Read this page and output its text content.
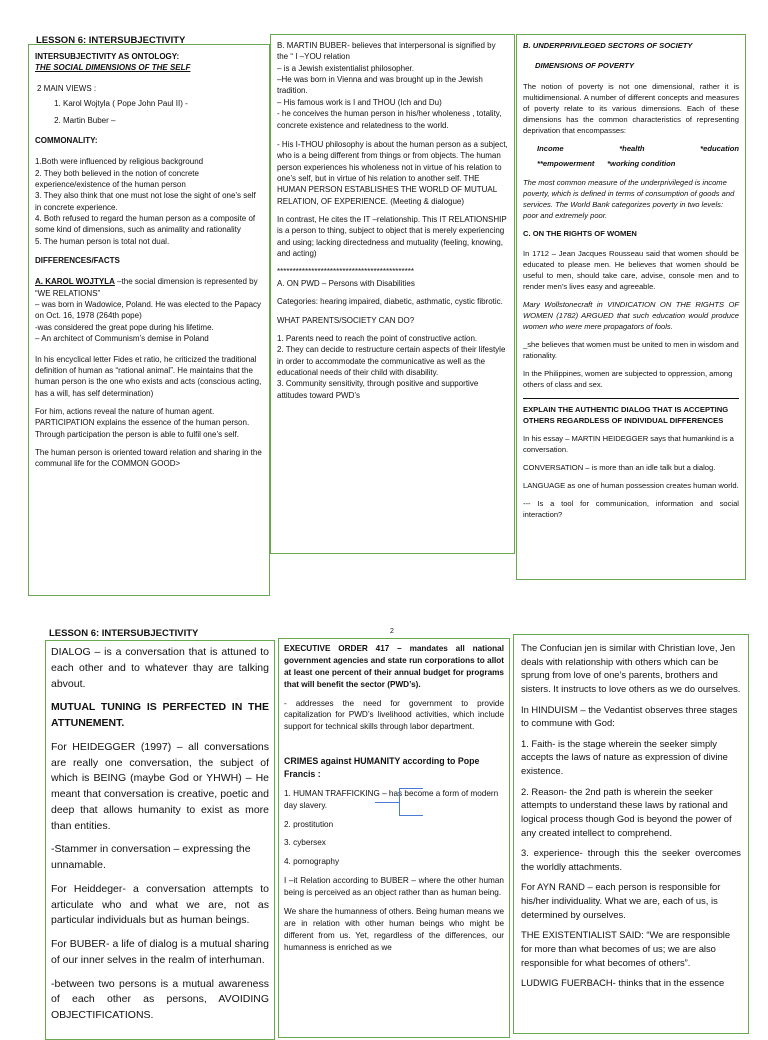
LESSON 6: INTERSUBJECTIVITY
INTERSUBJECTIVITY AS ONTOLOGY:
THE SOCIAL DIMENSIONS OF THE SELF
2 MAIN VIEWS :
1. Karol Wojtyla ( Pope John Paul II) -
2. Martin Buber –

COMMONALITY:

1.Both were influenced by religious background
2. They both believed in the notion of concrete experience/existence of the human person
3. They also think that one must not lose the sight of one’s self in concrete experience.
4. Both refused to regard the human person as a composite of some kind of dimensions, such as animality and rationality
5. The human person is total not dual.

DIFFERENCES/FACTS

A. KAROL WOJTYLA –the social dimension is represented by “WE RELATIONS”
– was born in Wadowice, Poland. He was elected to the Papacy on Oct. 16, 1978 (264th pope)
-was considered the great pope during his lifetime.
– An architect of Communism’s demise in Poland

In his encyclical letter Fides et ratio, he criticized the traditional definition of human as “rational animal”. He maintains that the human person is the one who exists and acts (conscious acting, has a will, has self determination)

For him, actions reveal the nature of human agent. PARTICIPATION explains the essence of the human person. Through participation the person is able to fulfil one’s self.

The human person is oriented toward relation and sharing in the communal life for the COMMON GOOD>

B. MARTIN BUBER- believes that interpersonal is signified by the “ I –YOU relation
– is a Jewish existentialist philosopher.
–He was born in Vienna and was brought up in the Jewish tradition.
– His famous work is I and THOU (Ich and Du)
- he conceives the human person in his/her wholeness , totality, concrete existence and relatedness to the world.

- His I-THOU philosophy is about the human person as a subject, who is a being different from things or from objects. The human person experiences his wholeness not in virtue of his relation to one’s self, but in virtue of his relation to another self. THE HUMAN PERSON ESTABLISHES THE WORLD OF MUTUAL RELATION, OF EXPERIENCE. (Meeting & dialogue)

In contrast, He cites the IT –relationship. This IT RELATIONSHIP is a person to thing, subject to object that is merely experiencing and using; lacking directedness and mutuality (feeling, knowing, and acting)

********************************************

A. ON PWD – Persons with Disabilities

Categories: hearing impaired, diabetic, asthmatic, cystic fibrotic.

WHAT PARENTS/SOCIETY CAN DO?

1. Parents need to reach the point of constructive action.
2. They can decide to restructure certain aspects of their lifestyle in order to accommodate the communicative as well as the educational needs of their child with disability.
3. Community sensitivity, through positive and supportive attitudes toward PWD’s

B. UNDERPRIVILEGED SECTORS OF SOCIETY

DIMENSIONS OF POVERTY

The notion of poverty is not one dimensional, rather it is multidimensional. A number of different concepts and measures of poverty relate to its various dimensions. Each of these dimensions has the common characteristics of representing deprivation that encompasses:

Income	*health	*education
**empowerment *working condition

The most common measure of the underprivileged is income poverty, which is defined in terms of consumption of goods and services. The World Bank categorizes poverty in two levels: poor and extremely poor.

C. ON THE RIGHTS OF WOMEN

In 1712 – Jean Jacques Rousseau said that women should be educated to please men. He believes that women should be useful to men, should take care, advise, console men and to render men’s lives easy and agreeable.

Mary Wollstonecraft in VINDICATION ON THE RIGHTS OF WOMEN (1782) ARGUED that such education would produce women who were mere propagators of fools.

_she believes that women must be united to men in wisdom and rationality.

In the Philippines, women are subjected to oppression, among others of class and sex.

EXPLAIN THE AUTHENTIC DIALOG THAT IS ACCEPTING OTHERS REGARDLESS OF INDIVIDUAL DIFFERENCES

In his essay – MARTIN HEIDEGGER says that humankind is a conversation.

CONVERSATION – is more than an idle talk but a dialog.

LANGUAGE as one of human possession creates human world.

--- Is a tool for communication, information and social interaction?

LESSON 6: INTERSUBJECTIVITY	2

DIALOG – is a conversation that is attuned to each other and to whatever thay are talking abvout.

MUTUAL TUNING IS PERFECTED IN THE ATTUNEMENT.

For HEIDEGGER (1997) – all conversations are really one conversation, the subject of which is BEING (maybe God or YHWH) – He meant that conversation is creative, poetic and deep that allows humanity to exist as more than entities.

-Stammer in conversation – expressing the unnamable.

For Heiddeger- a conversation attempts to articulate who and what we are, not as particular individuals but as human beings.

For BUBER- a life of dialog is a mutual sharing of our inner selves in the realm of interhuman.

-between two persons is a mutual awareness of each other as persons, AVOIDING OBJECTIFICATIONS.

EXECUTIVE ORDER 417 – mandates all national government agencies and state run corporations to allot at least one percent of their annual budget for programs that will benefit the sector (PWD’s).

- addresses the need for government to provide capitalization for PWD’s livelihood activities, which include support for technical skills through labor department.

CRIMES against HUMANITY according to Pope Francis :

1. HUMAN TRAFFICKING – has become a form of modern day slavery.

2. prostitution

3. cybersex

4. pornography

I –it Relation according to BUBER – where the other human being is perceived as an object rather than as human being.

We share the humanness of others. Being human means we are in relation with other human beings who might be different from us. Yet, regardless of the differences, our humanness is enriched as we

The Confucian jen is similar with Christian love, Jen deals with relationship with others which can be sprung from love of one’s parents, brothers and sisters. It instructs to love others as we do ourselves.

In HINDUISM – the Vedantist observes three stages to commune with God:

1. Faith- is the stage wherein the seeker simply accepts the laws of nature as expression of divine existence.

2. Reason- the 2nd path is wherein the seeker attempts to understand these laws by rational and logical process though God is beyond the power of any created intellect to comprehend.

3. experience- through this the seeker overcomes the worldly attachments.

For AYN RAND – each person is responsible for his/her individuality. What we are, each of us, is determined by ourselves.

THE EXISTENTIALIST SAID: “We are responsible for more than what becomes of us; we are also responsible for what becomes of others”.

LUDWIG FUERBACH- thinks that in the essence
